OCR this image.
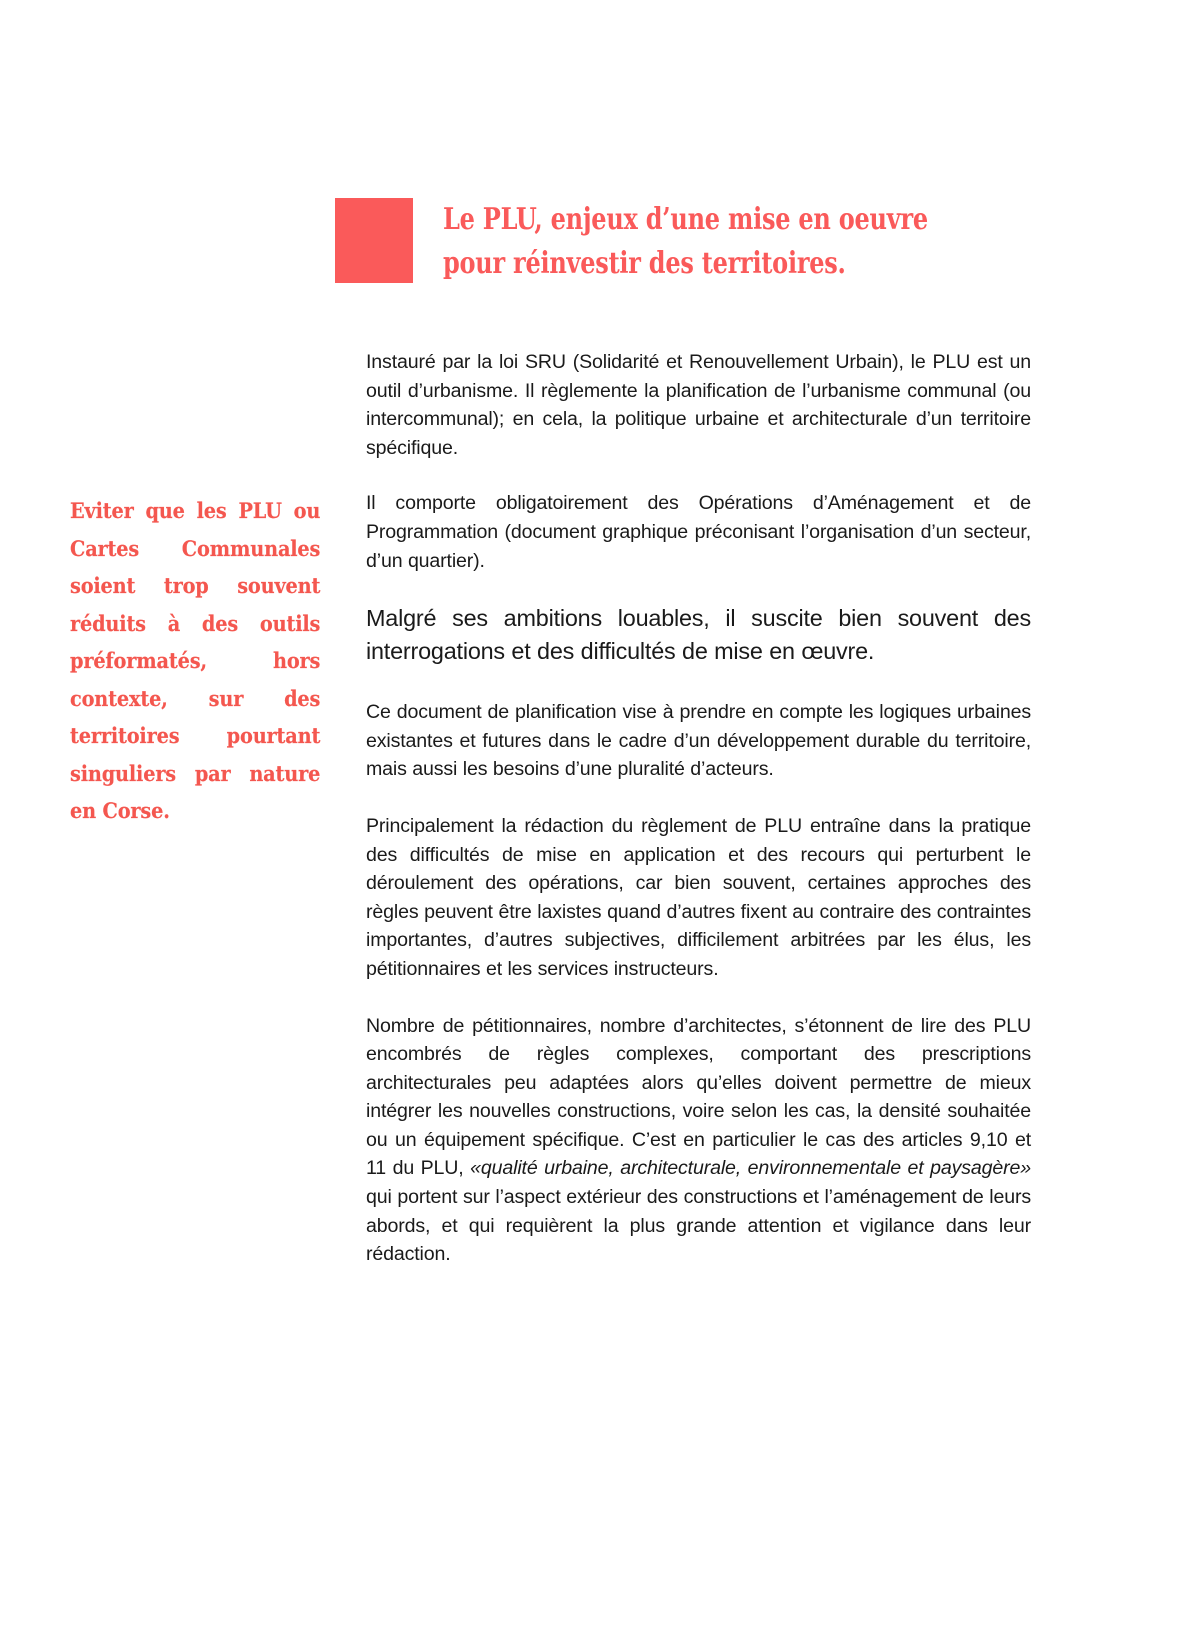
Le PLU, enjeux d’une mise en oeuvre
pour réinvestir des territoires.
Eviter que les PLU ou Cartes Communales soient trop souvent réduits à des outils préformatés, hors contexte, sur des territoires pourtant singuliers par nature en Corse.

Instauré par la loi SRU (Solidarité et Renouvellement Urbain), le PLU est un outil d’urbanisme. Il règlemente la planification de l’urbanisme communal (ou intercommunal); en cela, la politique urbaine et architecturale d’un territoire spécifique.

Il comporte obligatoirement des Opérations d’Aménagement et de Programmation (document graphique préconisant l’organisation d’un secteur, d’un quartier).

Malgré ses ambitions louables, il suscite bien souvent des interrogations et des difficultés de mise en œuvre.

Ce document de planification vise à prendre en compte les logiques urbaines existantes et futures dans le cadre d’un développement durable du territoire, mais aussi les besoins d’une pluralité d’acteurs.

Principalement la rédaction du règlement de PLU entraîne dans la pratique des difficultés de mise en application et des recours qui perturbent le déroulement des opérations, car bien souvent, certaines approches des règles peuvent être laxistes quand d’autres fixent au contraire des contraintes importantes, d’autres subjectives, difficilement arbitrées par les élus, les pétitionnaires et les services instructeurs.

Nombre de pétitionnaires, nombre d’architectes, s’étonnent de lire des PLU encombrés de règles complexes, comportant des prescriptions architecturales peu adaptées alors qu’elles doivent permettre de mieux intégrer les nouvelles constructions, voire selon les cas, la densité souhaitée ou un équipement spécifique. C’est en particulier le cas des articles 9,10 et 11 du PLU, «qualité urbaine, architecturale, environnementale et paysagère» qui portent sur l’aspect extérieur des constructions et l’aménagement de leurs abords, et qui requièrent la plus grande attention et vigilance dans leur rédaction.
